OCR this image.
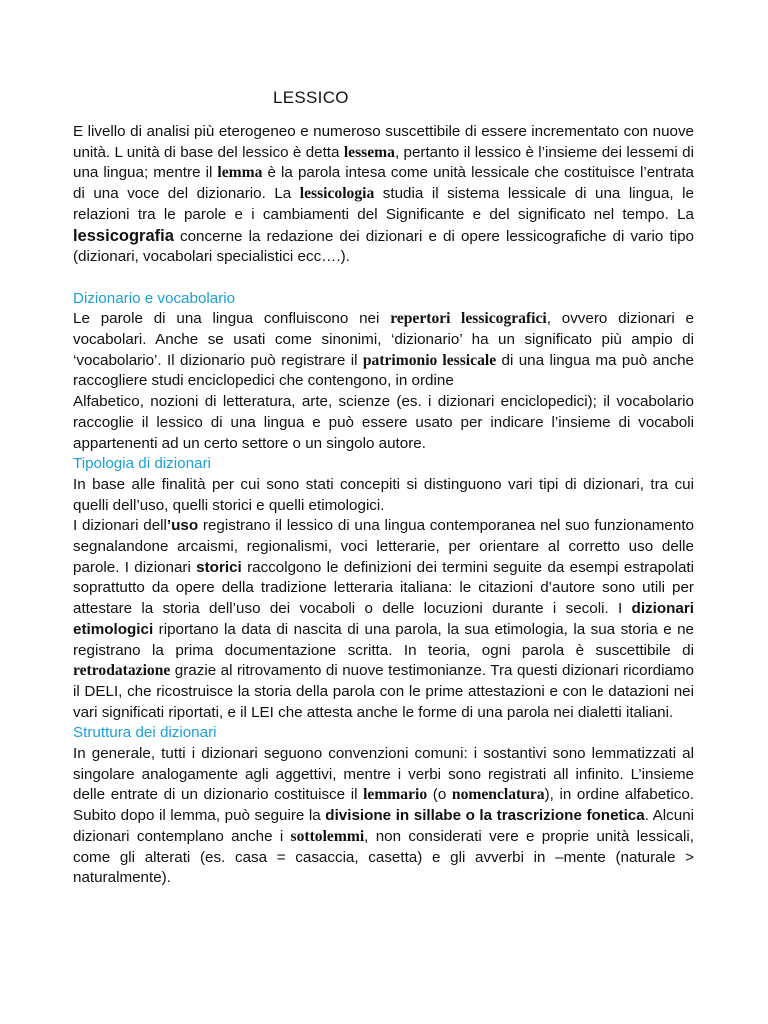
LESSICO

E livello di analisi più eterogeneo e numeroso suscettibile di essere incrementato con nuove unità. L unità di base del lessico è detta lessema, pertanto il lessico è l’insieme dei lessemi di una lingua; mentre il lemma è la parola intesa come unità lessicale che costituisce l’entrata di una voce del dizionario. La lessicologia studia il sistema lessicale di una lingua, le relazioni tra le parole e i cambiamenti del Significante e del significato nel tempo. La lessicografia concerne la redazione dei dizionari e di opere lessicografiche di vario tipo (dizionari, vocabolari specialistici ecc….).

Dizionario e vocabolario

Le parole di una lingua confluiscono nei repertori lessicografici, ovvero dizionari e vocabolari. Anche se usati come sinonimi, ‘dizionario’ ha un significato più ampio di ‘vocabolario’. Il dizionario può registrare il patrimonio lessicale di una lingua ma può anche raccogliere studi enciclopedici che contengono, in ordine

Alfabetico, nozioni di letteratura, arte, scienze (es. i dizionari enciclopedici); il vocabolario raccoglie il lessico di una lingua e può essere usato per indicare l’insieme di vocaboli appartenenti ad un certo settore o un singolo autore.

Tipologia di dizionari

In base alle finalità per cui sono stati concepiti si distinguono vari tipi di dizionari, tra cui quelli dell’uso, quelli storici e quelli etimologici.

I dizionari dell’uso registrano il lessico di una lingua contemporanea nel suo funzionamento segnalandone arcaismi, regionalismi, voci letterarie, per orientare al corretto uso delle parole. I dizionari storici raccolgono le definizioni dei termini seguite da esempi estrapolati soprattutto da opere della tradizione letteraria italiana: le citazioni d’autore sono utili per attestare la storia dell’uso dei vocaboli o delle locuzioni durante i secoli. I dizionari etimologici riportano la data di nascita di una parola, la sua etimologia, la sua storia e ne registrano la prima documentazione scritta. In teoria, ogni parola è suscettibile di retrodatazione grazie al ritrovamento di nuove testimonianze. Tra questi dizionari ricordiamo il DELI, che ricostruisce la storia della parola con le prime attestazioni e con le datazioni nei vari significati riportati, e il LEI che attesta anche le forme di una parola nei dialetti italiani.

Struttura dei dizionari

In generale, tutti i dizionari seguono convenzioni comuni: i sostantivi sono lemmatizzati al singolare analogamente agli aggettivi, mentre i verbi sono registrati all infinito. L’insieme delle entrate di un dizionario costituisce il lemmario (o nomenclatura), in ordine alfabetico. Subito dopo il lemma, può seguire la divisione in sillabe o la trascrizione fonetica. Alcuni dizionari contemplano anche i sottolemmi, non considerati vere e proprie unità lessicali, come gli alterati (es. casa = casaccia, casetta) e gli avverbi in –mente (naturale > naturalmente).
